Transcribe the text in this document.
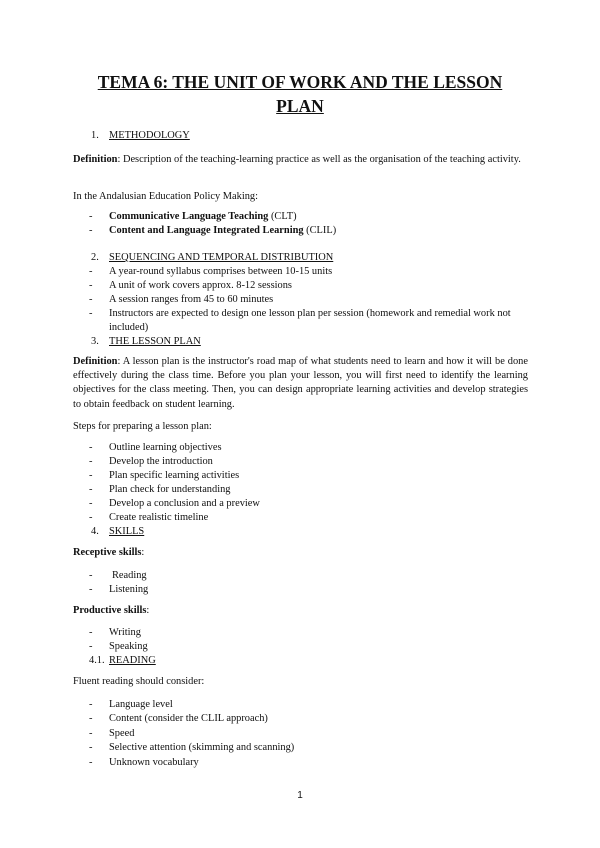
TEMA 6: THE UNIT OF WORK AND THE LESSON PLAN
1. METHODOLOGY
Definition: Description of the teaching-learning practice as well as the organisation of the teaching activity.
In the Andalusian Education Policy Making:
- Communicative Language Teaching (CLT)
- Content and Language Integrated Learning (CLIL)
2. SEQUENCING AND TEMPORAL DISTRIBUTION
- A year-round syllabus comprises between 10-15 units
- A unit of work covers approx. 8-12 sessions
- A session ranges from 45 to 60 minutes
- Instructors are expected to design one lesson plan per session (homework and remedial work not included)
3. THE LESSON PLAN
Definition: A lesson plan is the instructor's road map of what students need to learn and how it will be done effectively during the class time. Before you plan your lesson, you will first need to identify the learning objectives for the class meeting. Then, you can design appropriate learning activities and develop strategies to obtain feedback on student learning.
Steps for preparing a lesson plan:
- Outline learning objectives
- Develop the introduction
- Plan specific learning activities
- Plan check for understanding
- Develop a conclusion and a preview
- Create realistic timeline
4. SKILLS
Receptive skills:
- Reading
- Listening
Productive skills:
- Writing
- Speaking
4.1. READING
Fluent reading should consider:
- Language level
- Content (consider the CLIL approach)
- Speed
- Selective attention (skimming and scanning)
- Unknown vocabulary
1
